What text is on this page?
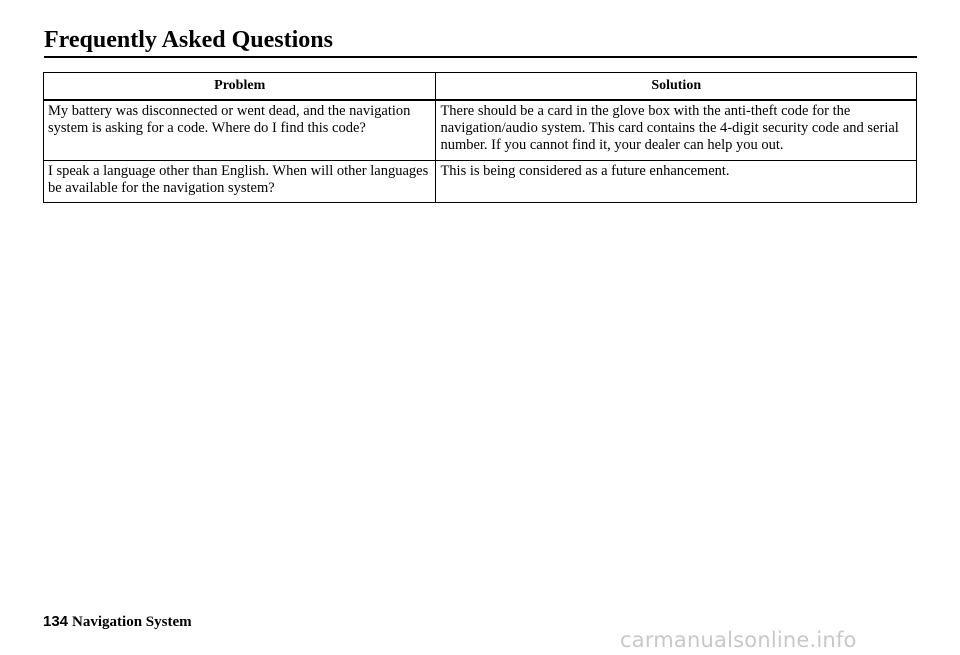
Frequently Asked Questions
Problem	Solution
My battery was disconnected or went dead, and the navigation system is asking for a code. Where do I find this code?	There should be a card in the glove box with the anti-theft code for the navigation/audio system. This card contains the 4-digit security code and serial number. If you cannot find it, your dealer can help you out.
I speak a language other than English. When will other languages be available for the navigation system?	This is being considered as a future enhancement.
134 Navigation System
carmanualsonline.info
